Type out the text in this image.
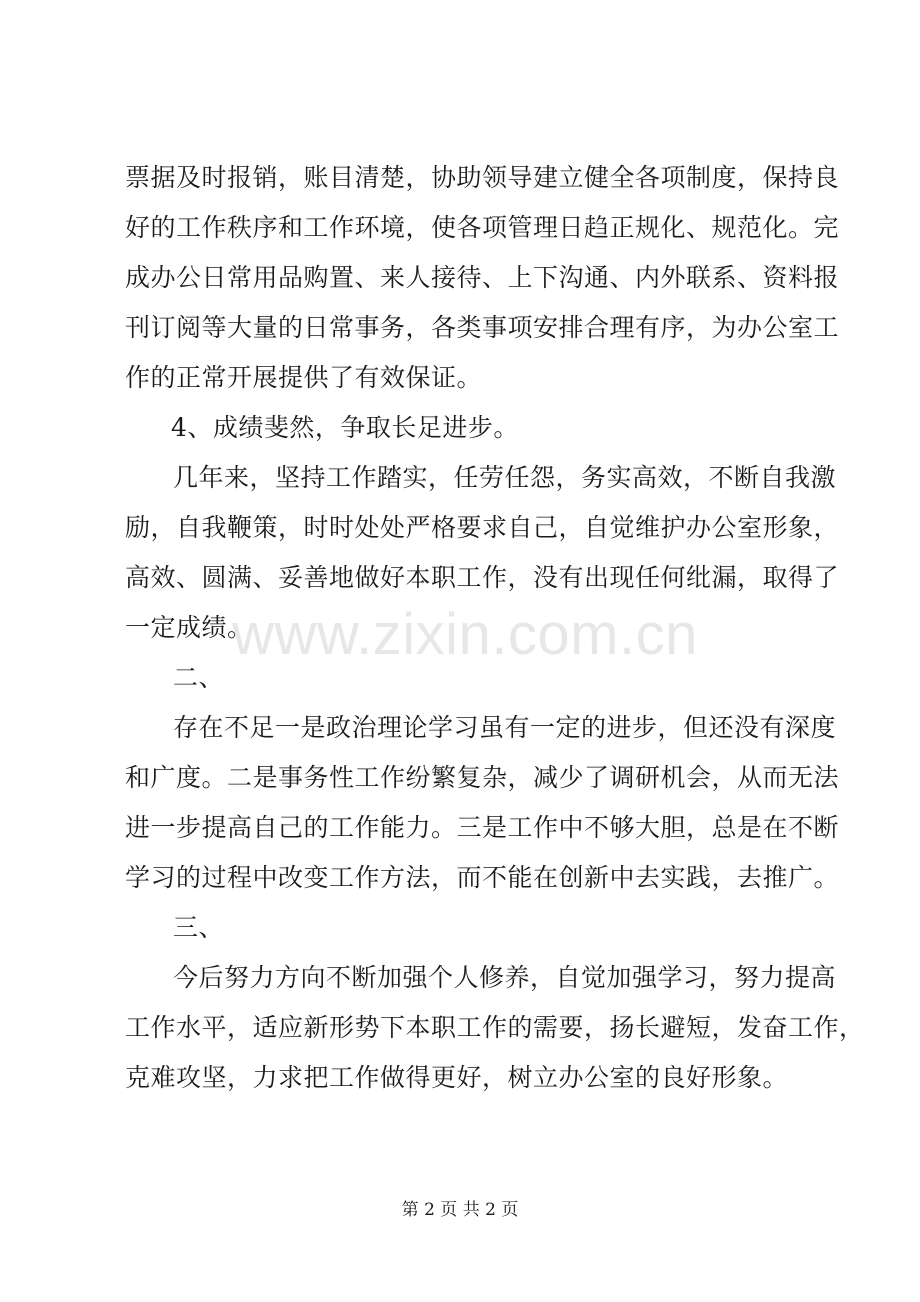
票据及时报销，账目清楚，协助领导建立健全各项制度，保持良
好的工作秩序和工作环境，使各项管理日趋正规化、规范化。完
成办公日常用品购置、来人接待、上下沟通、内外联系、资料报
刊订阅等大量的日常事务，各类事项安排合理有序，为办公室工
作的正常开展提供了有效保证。
4、成绩斐然，争取长足进步。
几年来，坚持工作踏实，任劳任怨，务实高效，不断自我激
励，自我鞭策，时时处处严格要求自己，自觉维护办公室形象，
高效、圆满、妥善地做好本职工作，没有出现任何纰漏，取得了
一定成绩。
二、
存在不足一是政治理论学习虽有一定的进步，但还没有深度
和广度。二是事务性工作纷繁复杂，减少了调研机会，从而无法
进一步提高自己的工作能力。三是工作中不够大胆，总是在不断
学习的过程中改变工作方法，而不能在创新中去实践，去推广。
三、
今后努力方向不断加强个人修养，自觉加强学习，努力提高
工作水平，适应新形势下本职工作的需要，扬长避短，发奋工作，
克难攻坚，力求把工作做得更好，树立办公室的良好形象。
www.zixin.com.cn
第 2 页 共 2 页
